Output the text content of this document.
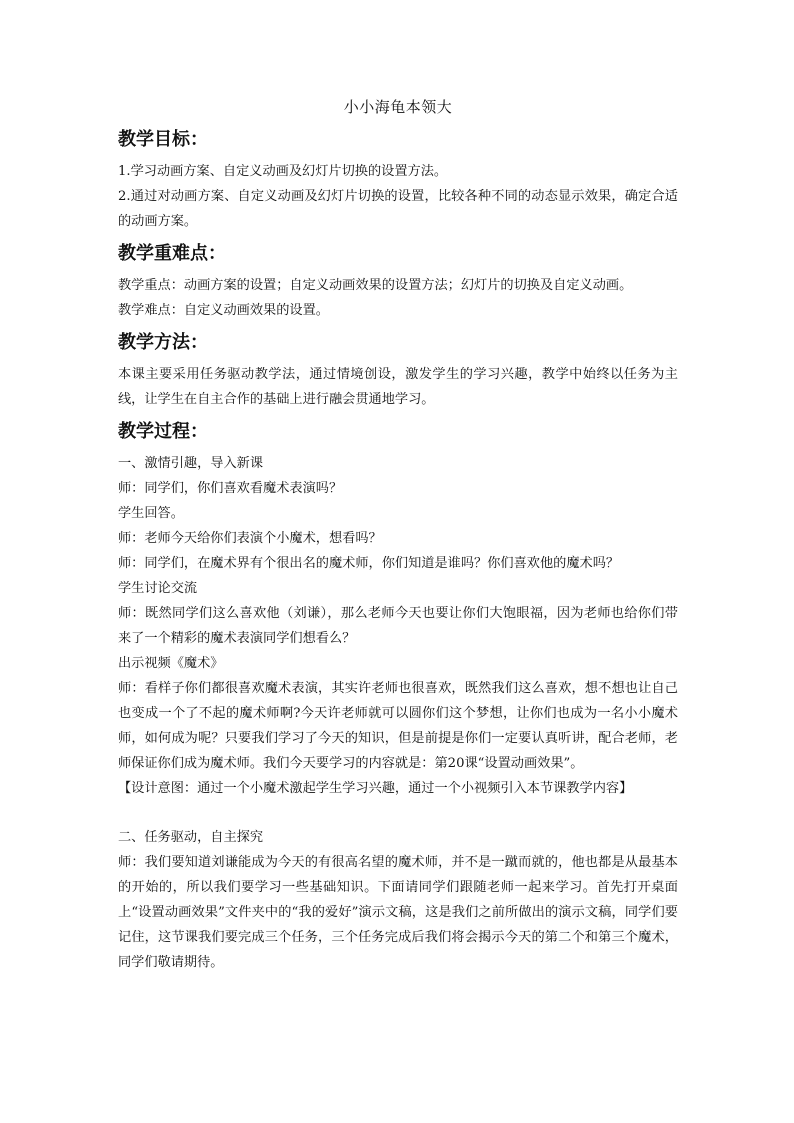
小小海龟本领大
教学目标：

1.学习动画方案、自定义动画及幻灯片切换的设置方法。

2.通过对动画方案、自定义动画及幻灯片切换的设置，比较各种不同的动态显示效果，确定合适的动画方案。

教学重难点：

教学重点：动画方案的设置；自定义动画效果的设置方法；幻灯片的切换及自定义动画。

教学难点：自定义动画效果的设置。

教学方法：

本课主要采用任务驱动教学法，通过情境创设，激发学生的学习兴趣，教学中始终以任务为主线，让学生在自主合作的基础上进行融会贯通地学习。

教学过程：

一、激情引趣，导入新课

师：同学们，你们喜欢看魔术表演吗？

学生回答。

师：老师今天给你们表演个小魔术，想看吗？

师：同学们，在魔术界有个很出名的魔术师，你们知道是谁吗？你们喜欢他的魔术吗？

学生讨论交流

师：既然同学们这么喜欢他（刘谦），那么老师今天也要让你们大饱眼福，因为老师也给你们带来了一个精彩的魔术表演同学们想看么？

出示视频《魔术》

师：看样子你们都很喜欢魔术表演，其实许老师也很喜欢，既然我们这么喜欢，想不想也让自己也变成一个了不起的魔术师啊?今天许老师就可以圆你们这个梦想，让你们也成为一名小小魔术师，如何成为呢？只要我们学习了今天的知识，但是前提是你们一定要认真听讲，配合老师，老师保证你们成为魔术师。我们今天要学习的内容就是：第20课“设置动画效果”。

【设计意图：通过一个小魔术激起学生学习兴趣，通过一个小视频引入本节课教学内容】

二、任务驱动，自主探究

师：我们要知道刘谦能成为今天的有很高名望的魔术师，并不是一蹴而就的，他也都是从最基本的开始的，所以我们要学习一些基础知识。下面请同学们跟随老师一起来学习。首先打开桌面上“设置动画效果”文件夹中的“我的爱好”演示文稿，这是我们之前所做出的演示文稿，同学们要记住，这节课我们要完成三个任务，三个任务完成后我们将会揭示今天的第二个和第三个魔术，同学们敬请期待。
